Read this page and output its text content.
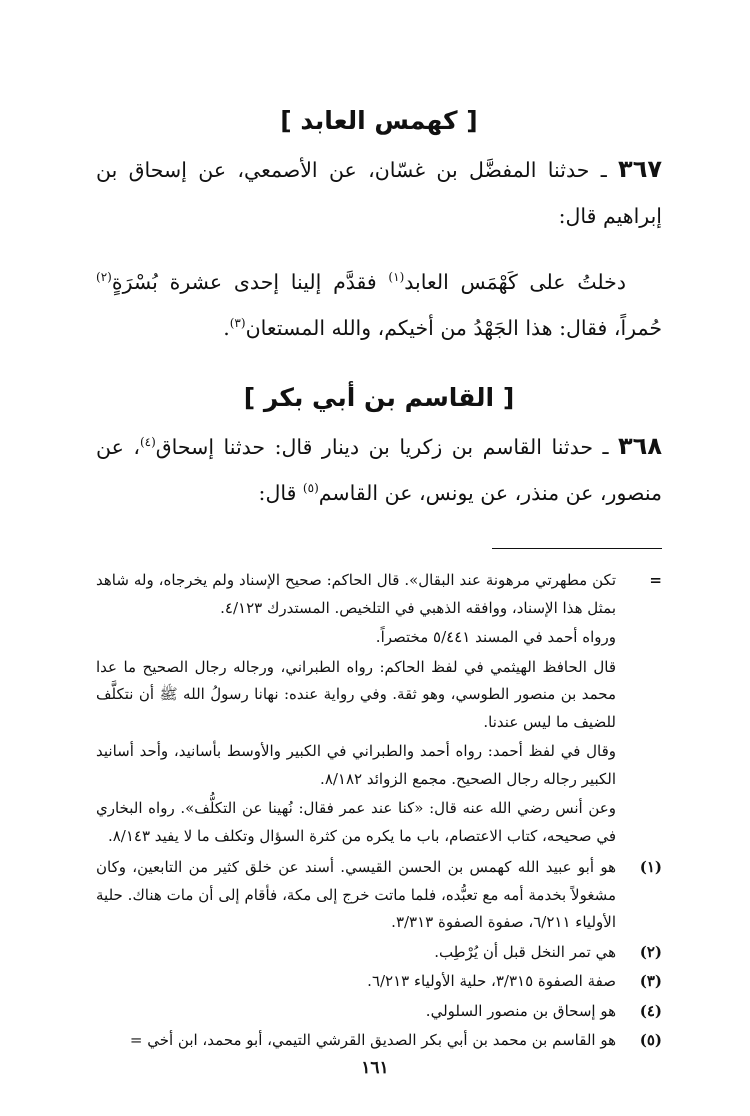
[ كهمس العابد ]

٣٦٧ ـ حدثنا المفضَّل بن غسّان، عن الأصمعي، عن إسحاق بن إبراهيم قال:

دخلتُ على كَهْمَس العابد$^{(١)}$ فقدَّم إلينا إحدى عشرة بُسْرَةٍ$^{(٢)}$ حُمراً، فقال: هذا الجَهْدُ من أخيكم، والله المستعان$^{(٣)}$.

[ القاسم بن أبي بكر ]

٣٦٨ ـ حدثنا القاسم بن زكريا بن دينار قال: حدثنا إسحاق$^{(٤)}$، عن منصور، عن منذر، عن يونس، عن القاسم$^{(٥)}$ قال:

=

تكن مطهرتي مرهونة عند البقال». قال الحاكم: صحيح الإسناد ولم يخرجاه، وله شاهد بمثل هذا الإسناد، ووافقه الذهبي في التلخيص. المستدرك ٤/١٢٣.

ورواه أحمد في المسند ٥/٤٤١ مختصراً.

قال الحافظ الهيثمي في لفظ الحاكم: رواه الطبراني، ورجاله رجال الصحيح ما عدا محمد بن منصور الطوسي، وهو ثقة. وفي رواية عنده: نهانا رسولُ الله ﷺ أن نتكلَّف للضيف ما ليس عندنا.

وقال في لفظ أحمد: رواه أحمد والطبراني في الكبير والأوسط بأسانيد، وأحد أسانيد الكبير رجاله رجال الصحيح. مجمع الزوائد ٨/١٨٢.

وعن أنس رضي الله عنه قال: «كنا عند عمر فقال: نُهينا عن التكلُّف». رواه البخاري في صحيحه، كتاب الاعتصام، باب ما يكره من كثرة السؤال وتكلف ما لا يفيد ٨/١٤٣.

(١)
هو أبو عبيد الله كهمس بن الحسن القيسي. أسند عن خلق كثير من التابعين، وكان مشغولاً بخدمة أمه مع تعبُّده، فلما ماتت خرج إلى مكة، فأقام إلى أن مات هناك. حلية الأولياء ٦/٢١١، صفوة الصفوة ٣/٣١٣.
(٢)
هي تمر النخل قبل أن يُرْطِب.
(٣)
صفة الصفوة ٣/٣١٥، حلية الأولياء ٦/٢١٣.
(٤)
هو إسحاق بن منصور السلولي.
(٥)
هو القاسم بن محمد بن أبي بكر الصديق القرشي التيمي، أبو محمد، ابن أخي =
١٦١
